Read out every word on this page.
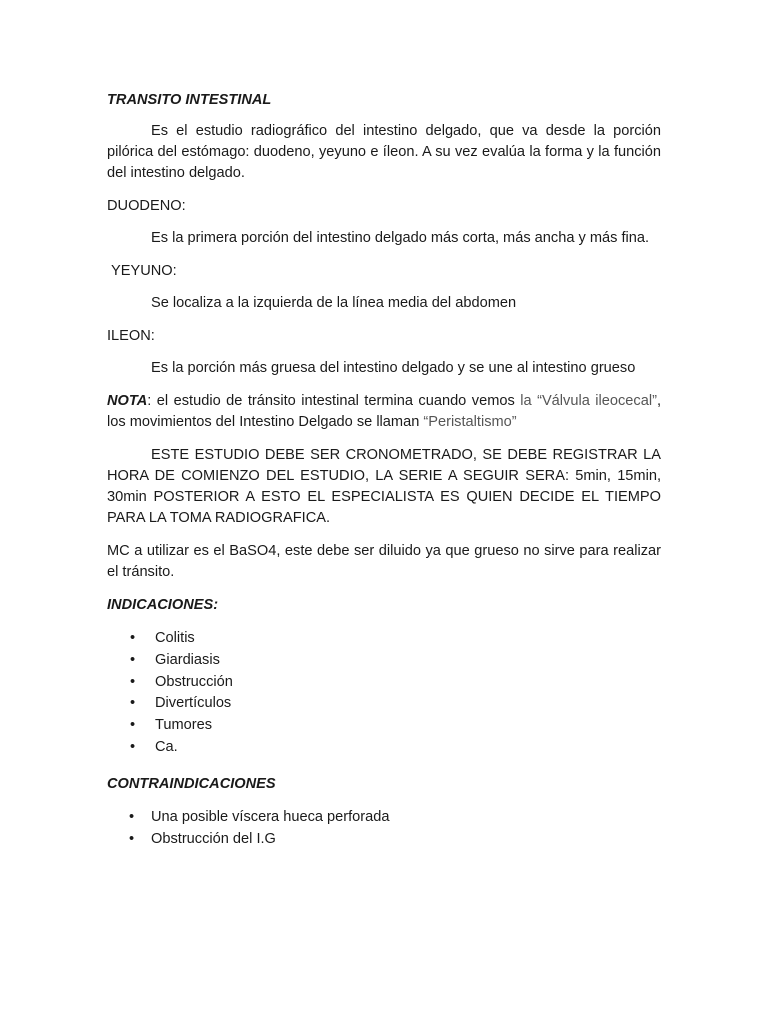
TRANSITO INTESTINAL

Es el estudio radiográfico del intestino delgado, que va desde la porción pilórica del estómago: duodeno, yeyuno e íleon. A su vez evalúa la forma y la función del intestino delgado.

DUODENO:

Es la primera porción del intestino delgado más corta, más ancha y más fina.

YEYUNO:

Se localiza a la izquierda de la línea media del abdomen

ILEON:

Es la porción más gruesa del intestino delgado y se une al intestino grueso

NOTA: el estudio de tránsito intestinal termina cuando vemos la “Válvula ileocecal”, los movimientos del Intestino Delgado se llaman “Peristaltismo”

ESTE ESTUDIO DEBE SER CRONOMETRADO, SE DEBE REGISTRAR LA HORA DE COMIENZO DEL ESTUDIO, LA SERIE A SEGUIR SERA: 5min, 15min, 30min POSTERIOR A ESTO EL ESPECIALISTA ES QUIEN DECIDE EL TIEMPO PARA LA TOMA RADIOGRAFICA.

MC a utilizar es el BaSO4, este debe ser diluido ya que grueso no sirve para realizar el tránsito.

INDICACIONES:
• Colitis
• Giardiasis
• Obstrucción
• Divertículos
• Tumores
• Ca.
CONTRAINDICACIONES
• Una posible víscera hueca perforada
• Obstrucción del I.G
